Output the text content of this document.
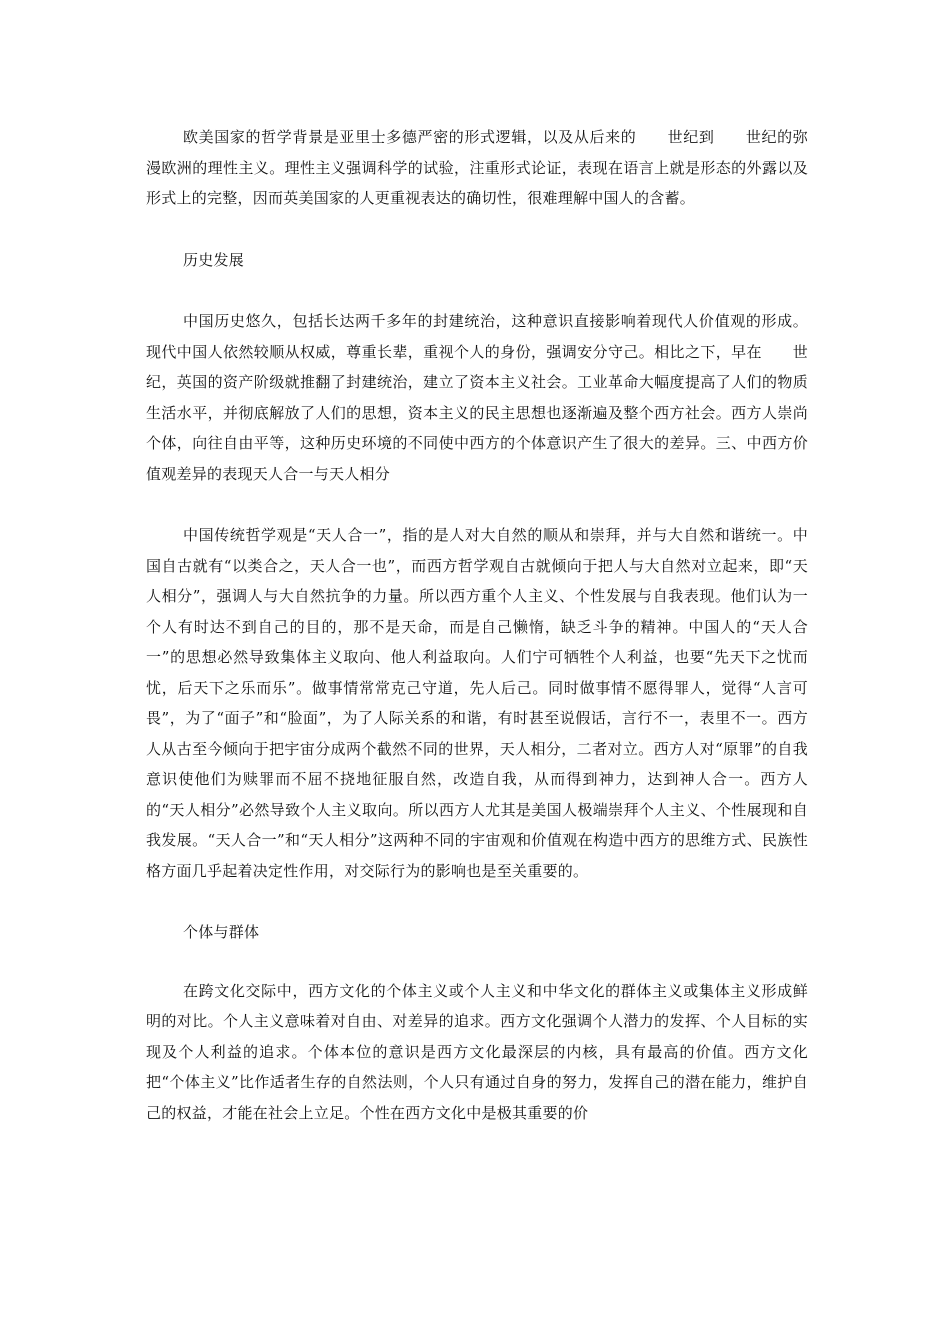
欧美国家的哲学背景是亚里士多德严密的形式逻辑，以及从后来的　　世纪到　　世纪的弥漫欧洲的理性主义。理性主义强调科学的试验，注重形式论证，表现在语言上就是形态的外露以及形式上的完整，因而英美国家的人更重视表达的确切性，很难理解中国人的含蓄。

历史发展

中国历史悠久，包括长达两千多年的封建统治，这种意识直接影响着现代人价值观的形成。现代中国人依然较顺从权威，尊重长辈，重视个人的身份，强调安分守己。相比之下，早在　　世纪，英国的资产阶级就推翻了封建统治，建立了资本主义社会。工业革命大幅度提高了人们的物质生活水平，并彻底解放了人们的思想，资本主义的民主思想也逐渐遍及整个西方社会。西方人崇尚个体，向往自由平等，这种历史环境的不同使中西方的个体意识产生了很大的差异。三、中西方价值观差异的表现天人合一与天人相分

中国传统哲学观是“天人合一”，指的是人对大自然的顺从和崇拜，并与大自然和谐统一。中国自古就有“以类合之，天人合一也”，而西方哲学观自古就倾向于把人与大自然对立起来，即“天人相分”，强调人与大自然抗争的力量。所以西方重个人主义、个性发展与自我表现。他们认为一个人有时达不到自己的目的，那不是天命，而是自己懒惰，缺乏斗争的精神。中国人的“天人合一”的思想必然导致集体主义取向、他人利益取向。人们宁可牺牲个人利益，也要“先天下之忧而忧，后天下之乐而乐”。做事情常常克己守道，先人后己。同时做事情不愿得罪人，觉得“人言可畏”，为了“面子”和“脸面”，为了人际关系的和谐，有时甚至说假话，言行不一，表里不一。西方人从古至今倾向于把宇宙分成两个截然不同的世界，天人相分，二者对立。西方人对“原罪”的自我意识使他们为赎罪而不屈不挠地征服自然，改造自我，从而得到神力，达到神人合一。西方人的“天人相分”必然导致个人主义取向。所以西方人尤其是美国人极端崇拜个人主义、个性展现和自我发展。“天人合一”和“天人相分”这两种不同的宇宙观和价值观在构造中西方的思维方式、民族性格方面几乎起着决定性作用，对交际行为的影响也是至关重要的。

个体与群体

在跨文化交际中，西方文化的个体主义或个人主义和中华文化的群体主义或集体主义形成鲜明的对比。个人主义意味着对自由、对差异的追求。西方文化强调个人潜力的发挥、个人目标的实现及个人利益的追求。个体本位的意识是西方文化最深层的内核，具有最高的价值。西方文化把“个体主义”比作适者生存的自然法则，个人只有通过自身的努力，发挥自己的潜在能力，维护自己的权益，才能在社会上立足。个性在西方文化中是极其重要的价
